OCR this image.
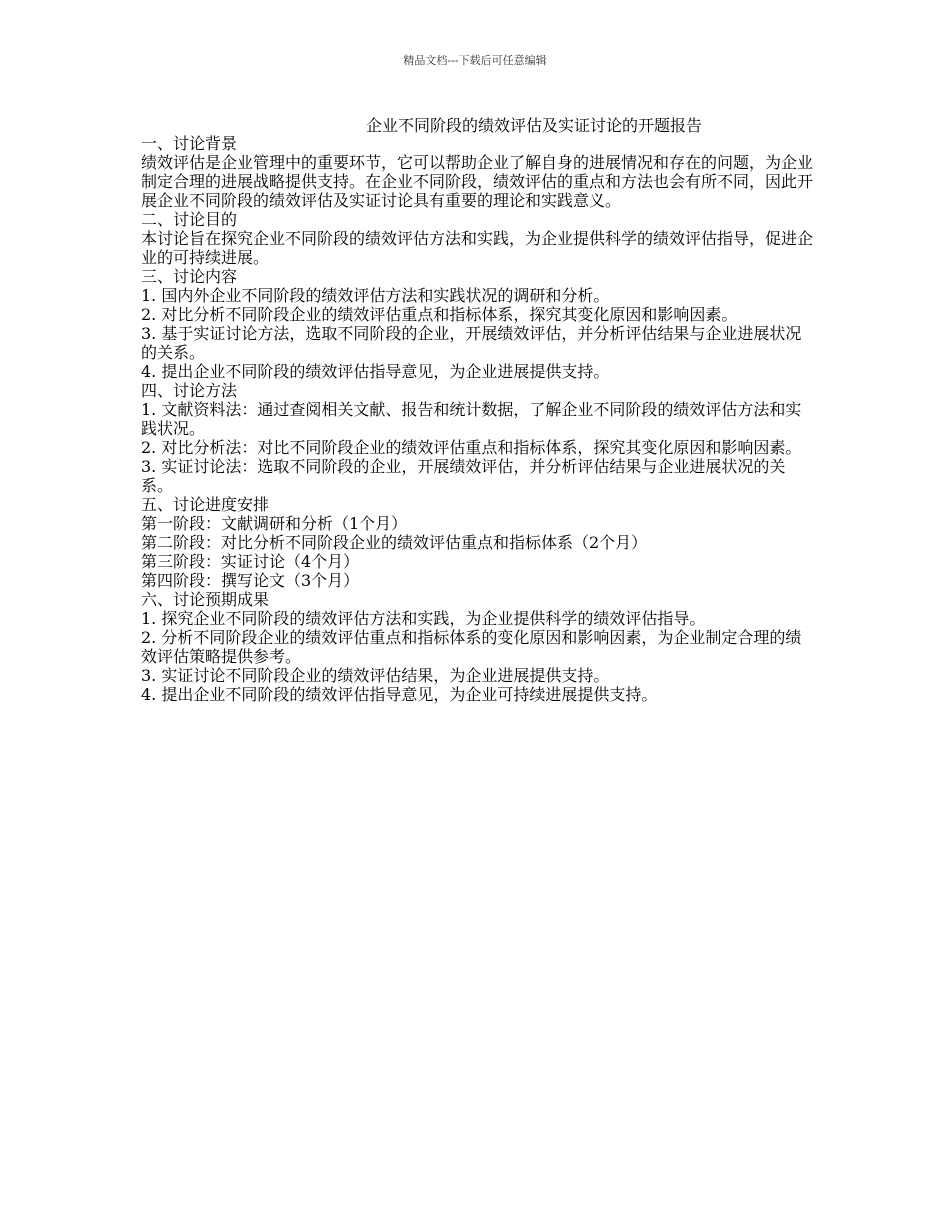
精品文档---下载后可任意编辑
企业不同阶段的绩效评估及实证讨论的开题报告
一、讨论背景
绩效评估是企业管理中的重要环节，它可以帮助企业了解自身的进展情况和存在的问题，为企业制定合理的进展战略提供支持。在企业不同阶段，绩效评估的重点和方法也会有所不同，因此开展企业不同阶段的绩效评估及实证讨论具有重要的理论和实践意义。
二、讨论目的
本讨论旨在探究企业不同阶段的绩效评估方法和实践，为企业提供科学的绩效评估指导，促进企业的可持续进展。
三、讨论内容
1. 国内外企业不同阶段的绩效评估方法和实践状况的调研和分析。
2. 对比分析不同阶段企业的绩效评估重点和指标体系，探究其变化原因和影响因素。
3. 基于实证讨论方法，选取不同阶段的企业，开展绩效评估，并分析评估结果与企业进展状况的关系。
4. 提出企业不同阶段的绩效评估指导意见，为企业进展提供支持。
四、讨论方法
1. 文献资料法：通过查阅相关文献、报告和统计数据，了解企业不同阶段的绩效评估方法和实践状况。
2. 对比分析法：对比不同阶段企业的绩效评估重点和指标体系，探究其变化原因和影响因素。
3. 实证讨论法：选取不同阶段的企业，开展绩效评估，并分析评估结果与企业进展状况的关系。
五、讨论进度安排
第一阶段：文献调研和分析（1个月）
第二阶段：对比分析不同阶段企业的绩效评估重点和指标体系（2个月）
第三阶段：实证讨论（4个月）
第四阶段：撰写论文（3个月）
六、讨论预期成果
1. 探究企业不同阶段的绩效评估方法和实践，为企业提供科学的绩效评估指导。
2. 分析不同阶段企业的绩效评估重点和指标体系的变化原因和影响因素，为企业制定合理的绩效评估策略提供参考。
3. 实证讨论不同阶段企业的绩效评估结果，为企业进展提供支持。
4. 提出企业不同阶段的绩效评估指导意见，为企业可持续进展提供支持。
